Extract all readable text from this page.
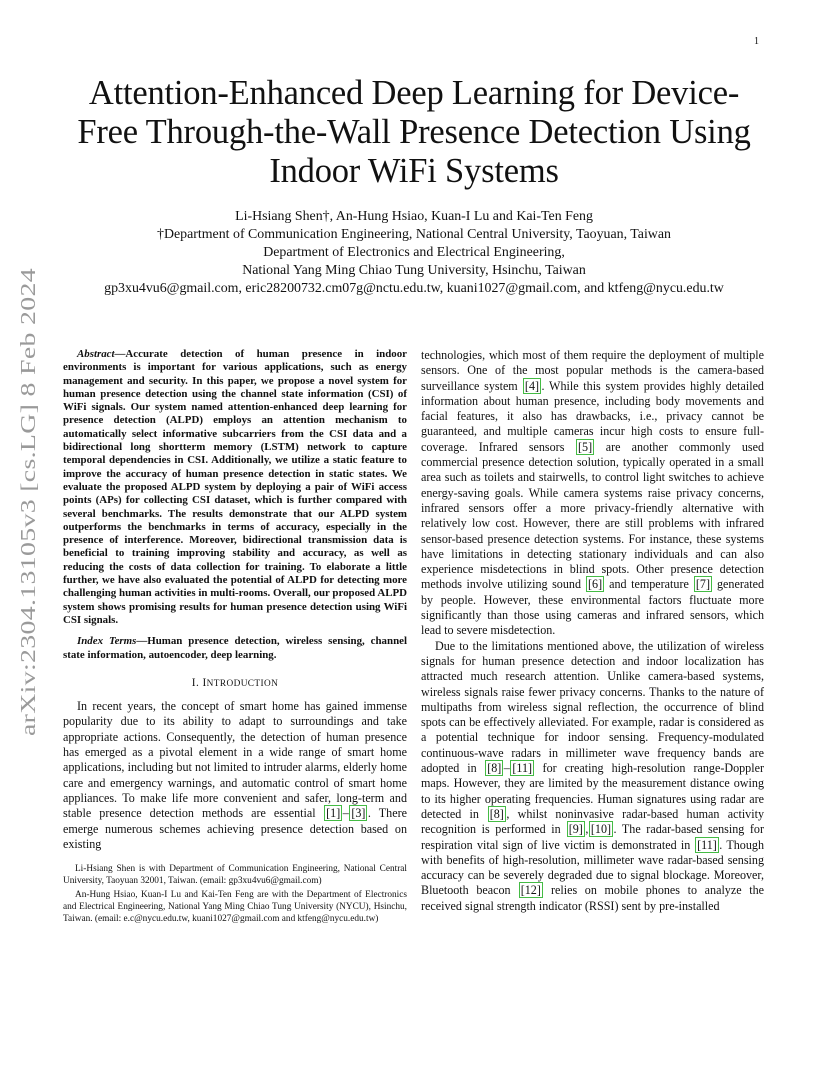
1
arXiv:2304.13105v3 [cs.LG] 8 Feb 2024
Attention-Enhanced Deep Learning for Device-Free Through-the-Wall Presence Detection Using Indoor WiFi Systems
Li-Hsiang Shen†, An-Hung Hsiao, Kuan-I Lu and Kai-Ten Feng
†Department of Communication Engineering, National Central University, Taoyuan, Taiwan
Department of Electronics and Electrical Engineering,
National Yang Ming Chiao Tung University, Hsinchu, Taiwan
gp3xu4vu6@gmail.com, eric28200732.cm07g@nctu.edu.tw, kuani1027@gmail.com, and ktfeng@nycu.edu.tw

Abstract—Accurate detection of human presence in indoor environments is important for various applications, such as energy management and security. In this paper, we propose a novel system for human presence detection using the channel state information (CSI) of WiFi signals. Our system named attention-enhanced deep learning for presence detection (ALPD) employs an attention mechanism to automatically select informative subcarriers from the CSI data and a bidirectional long shortterm memory (LSTM) network to capture temporal dependencies in CSI. Additionally, we utilize a static feature to improve the accuracy of human presence detection in static states. We evaluate the proposed ALPD system by deploying a pair of WiFi access points (APs) for collecting CSI dataset, which is further compared with several benchmarks. The results demonstrate that our ALPD system outperforms the benchmarks in terms of accuracy, especially in the presence of interference. Moreover, bidirectional transmission data is beneficial to training improving stability and accuracy, as well as reducing the costs of data collection for training. To elaborate a little further, we have also evaluated the potential of ALPD for detecting more challenging human activities in multi-rooms. Overall, our proposed ALPD system shows promising results for human presence detection using WiFi CSI signals.

Index Terms—Human presence detection, wireless sensing, channel state information, autoencoder, deep learning.

I. INTRODUCTION

In recent years, the concept of smart home has gained immense popularity due to its ability to adapt to surroundings and take appropriate actions. Consequently, the detection of human presence has emerged as a pivotal element in a wide range of smart home applications, including but not limited to intruder alarms, elderly home care and emergency warnings, and automatic control of smart home appliances. To make life more convenient and safer, long-term and stable presence detection methods are essential [1] – [3] . There emerge numerous schemes achieving presence detection based on existing

Li-Hsiang Shen is with Department of Communication Engineering, National Central University, Taoyuan 32001, Taiwan. (email: gp3xu4vu6@gmail.com)

An-Hung Hsiao, Kuan-I Lu and Kai-Ten Feng are with the Department of Electronics and Electrical Engineering, National Yang Ming Chiao Tung University (NYCU), Hsinchu, Taiwan. (email: e.c@nycu.edu.tw, kuani1027@gmail.com and ktfeng@nycu.edu.tw)

technologies, which most of them require the deployment of multiple sensors. One of the most popular methods is the camera-based surveillance system [4] . While this system provides highly detailed information about human presence, including body movements and facial features, it also has drawbacks, i.e., privacy cannot be guaranteed, and multiple cameras incur high costs to ensure full-coverage. Infrared sensors [5] are another commonly used commercial presence detection solution, typically operated in a small area such as toilets and stairwells, to control light switches to achieve energy-saving goals. While camera systems raise privacy concerns, infrared sensors offer a more privacy-friendly alternative with relatively low cost. However, there are still problems with infrared sensor-based presence detection systems. For instance, these systems have limitations in detecting stationary individuals and can also experience misdetections in blind spots. Other presence detection methods involve utilizing sound [6] and temperature [7] generated by people. However, these environmental factors fluctuate more significantly than those using cameras and infrared sensors, which lead to severe misdetection.

Due to the limitations mentioned above, the utilization of wireless signals for human presence detection and indoor localization has attracted much research attention. Unlike camera-based systems, wireless signals raise fewer privacy concerns. Thanks to the nature of multipaths from wireless signal reflection, the occurrence of blind spots can be effectively alleviated. For example, radar is considered as a potential technique for indoor sensing. Frequency-modulated continuous-wave radars in millimeter wave frequency bands are adopted in [8] – [11] for creating high-resolution range-Doppler maps. However, they are limited by the measurement distance owing to its higher operating frequencies. Human signatures using radar are detected in [8] , whilst noninvasive radar-based human activity recognition is performed in [9] , [10] . The radar-based sensing for respiration vital sign of live victim is demonstrated in [11] . Though with benefits of high-resolution, millimeter wave radar-based sensing accuracy can be severely degraded due to signal blockage. Moreover, Bluetooth beacon [12] relies on mobile phones to analyze the received signal strength indicator (RSSI) sent by pre-installed
